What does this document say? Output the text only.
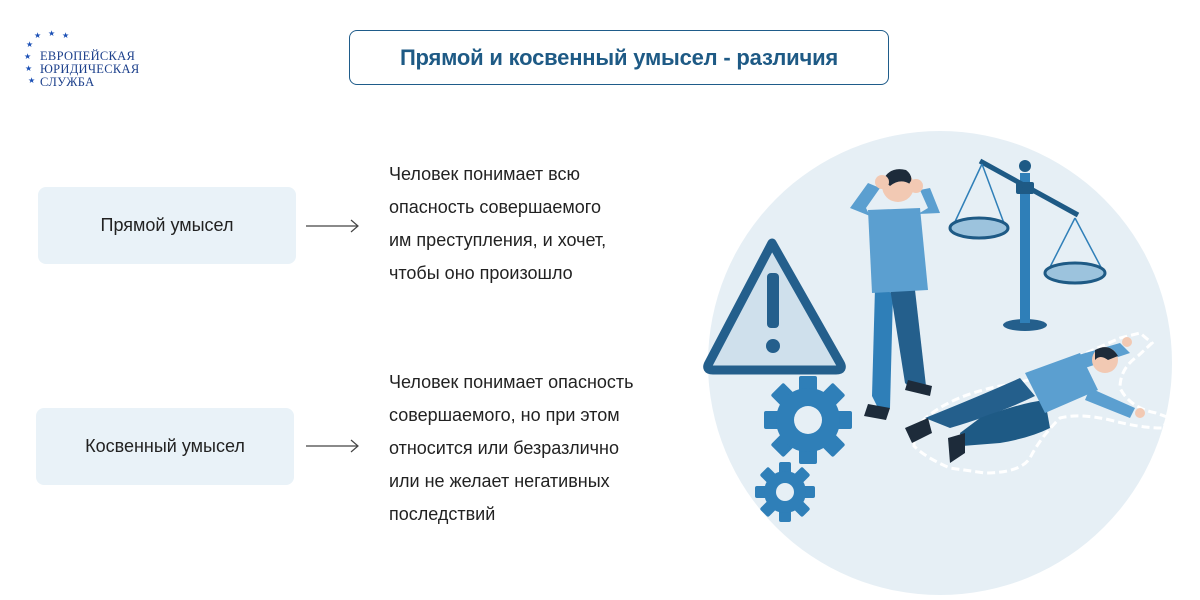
★ ★ ★
★
★
★
★
ЕВРОПЕЙСКАЯ
ЮРИДИЧЕСКАЯ
СЛУЖБА
Прямой и косвенный умысел - различия
Прямой умысел
Косвенный умысел
Человек понимает всю
опасность совершаемого
им преступления, и хочет,
чтобы оно произошло
Человек понимает опасность
совершаемого, но при этом
относится или безразлично
или не желает негативных
последствий
